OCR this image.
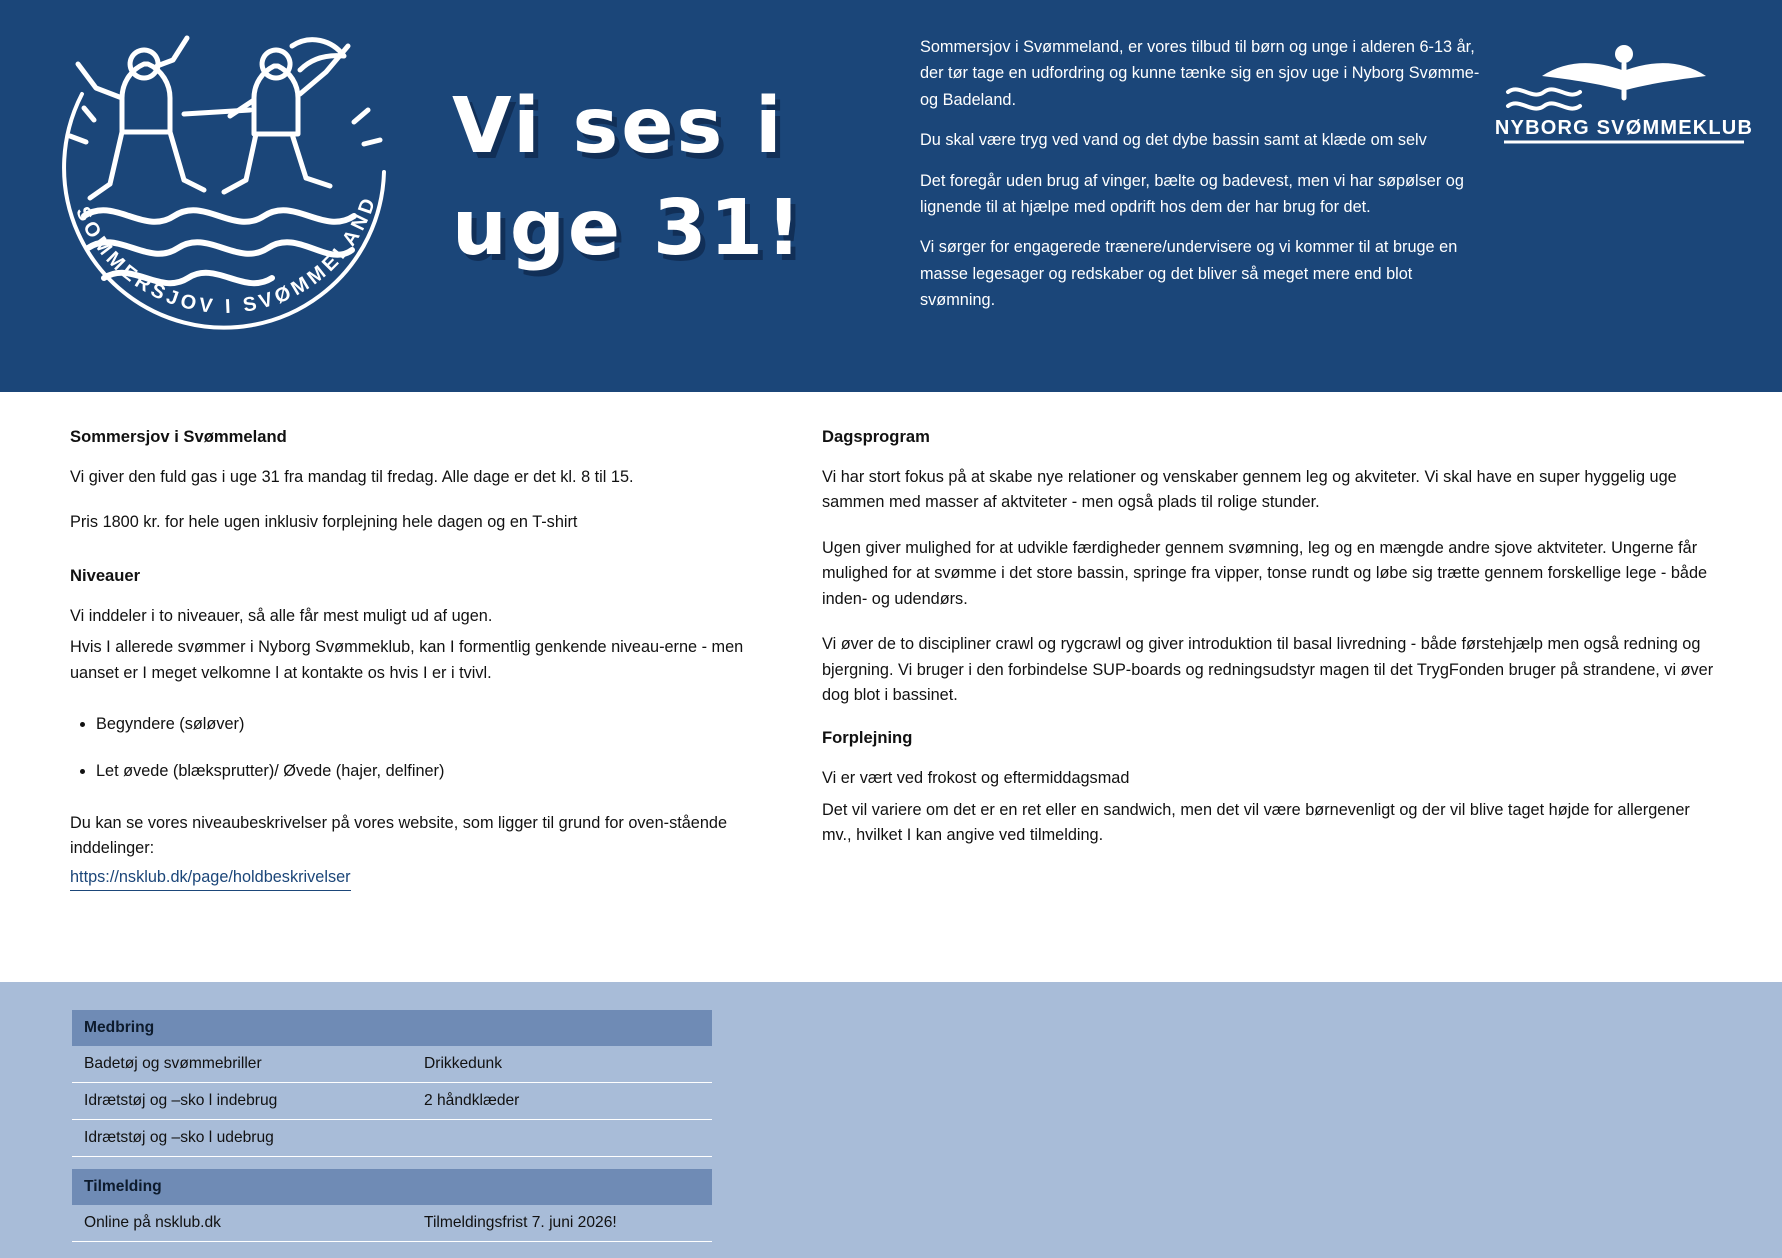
SOMMERSJOV I SVØMMELAND
Vi ses i
uge 31!

Sommersjov i Svømmeland, er vores tilbud til børn og unge i alderen 6-13 år, der tør tage en udfordring og kunne tænke sig en sjov uge i Nyborg Svømme- og Badeland.

Du skal være tryg ved vand og det dybe bassin samt at klæde om selv

Det foregår uden brug af vinger, bælte og badevest, men vi har søpølser og lignende til at hjælpe med opdrift hos dem der har brug for det.

Vi sørger for engagerede trænere/undervisere og vi kommer til at bruge en masse legesager og redskaber og det bliver så meget mere end blot svømning.

NYBORG SVØMMEKLUB
Sommersjov i Svømmeland

Vi giver den fuld gas i uge 31 fra mandag til fredag. Alle dage er det kl. 8 til 15.

Pris 1800 kr. for hele ugen inklusiv forplejning hele dagen og en T-shirt

Niveauer

Vi inddeler i to niveauer, så alle får mest muligt ud af ugen.

Hvis I allerede svømmer i Nyborg Svømmeklub, kan I formentlig genkende niveau-erne - men uanset er I meget velkomne l at kontakte os hvis I er i tvivl.

• Begyndere (søløver)
• Let øvede (blæksprutter)/ Øvede (hajer, delfiner)

Du kan se vores niveaubeskrivelser på vores website, som ligger til grund for oven-stående inddelinger:

https://nsklub.dk/page/holdbeskrivelser
Dagsprogram

Vi har stort fokus på at skabe nye relationer og venskaber gennem leg og akviteter. Vi skal have en super hyggelig uge sammen med masser af aktviteter - men også plads til rolige stunder.

Ugen giver mulighed for at udvikle færdigheder gennem svømning, leg og en mængde andre sjove aktviteter. Ungerne får mulighed for at svømme i det store bassin, springe fra vipper, tonse rundt og løbe sig trætte gennem forskellige lege - både inden- og udendørs.

Vi øver de to discipliner crawl og rygcrawl og giver introduktion til basal livredning - både førstehjælp men også redning og bjergning. Vi bruger i den forbindelse SUP-boards og redningsudstyr magen til det TrygFonden bruger på strandene, vi øver dog blot i bassinet.

Forplejning

Vi er vært ved frokost og eftermiddagsmad

Det vil variere om det er en ret eller en sandwich, men det vil være børnevenligt og der vil blive taget højde for allergener mv., hvilket I kan angive ved tilmelding.

Medbring
Badetøj og svømmebriller	Drikkedunk
Idrætstøj og –sko l indebrug	2 håndklæder
Idrætstøj og –sko l udebrug
Tilmelding
Online på nsklub.dk	Tilmeldingsfrist 7. juni 2026!
